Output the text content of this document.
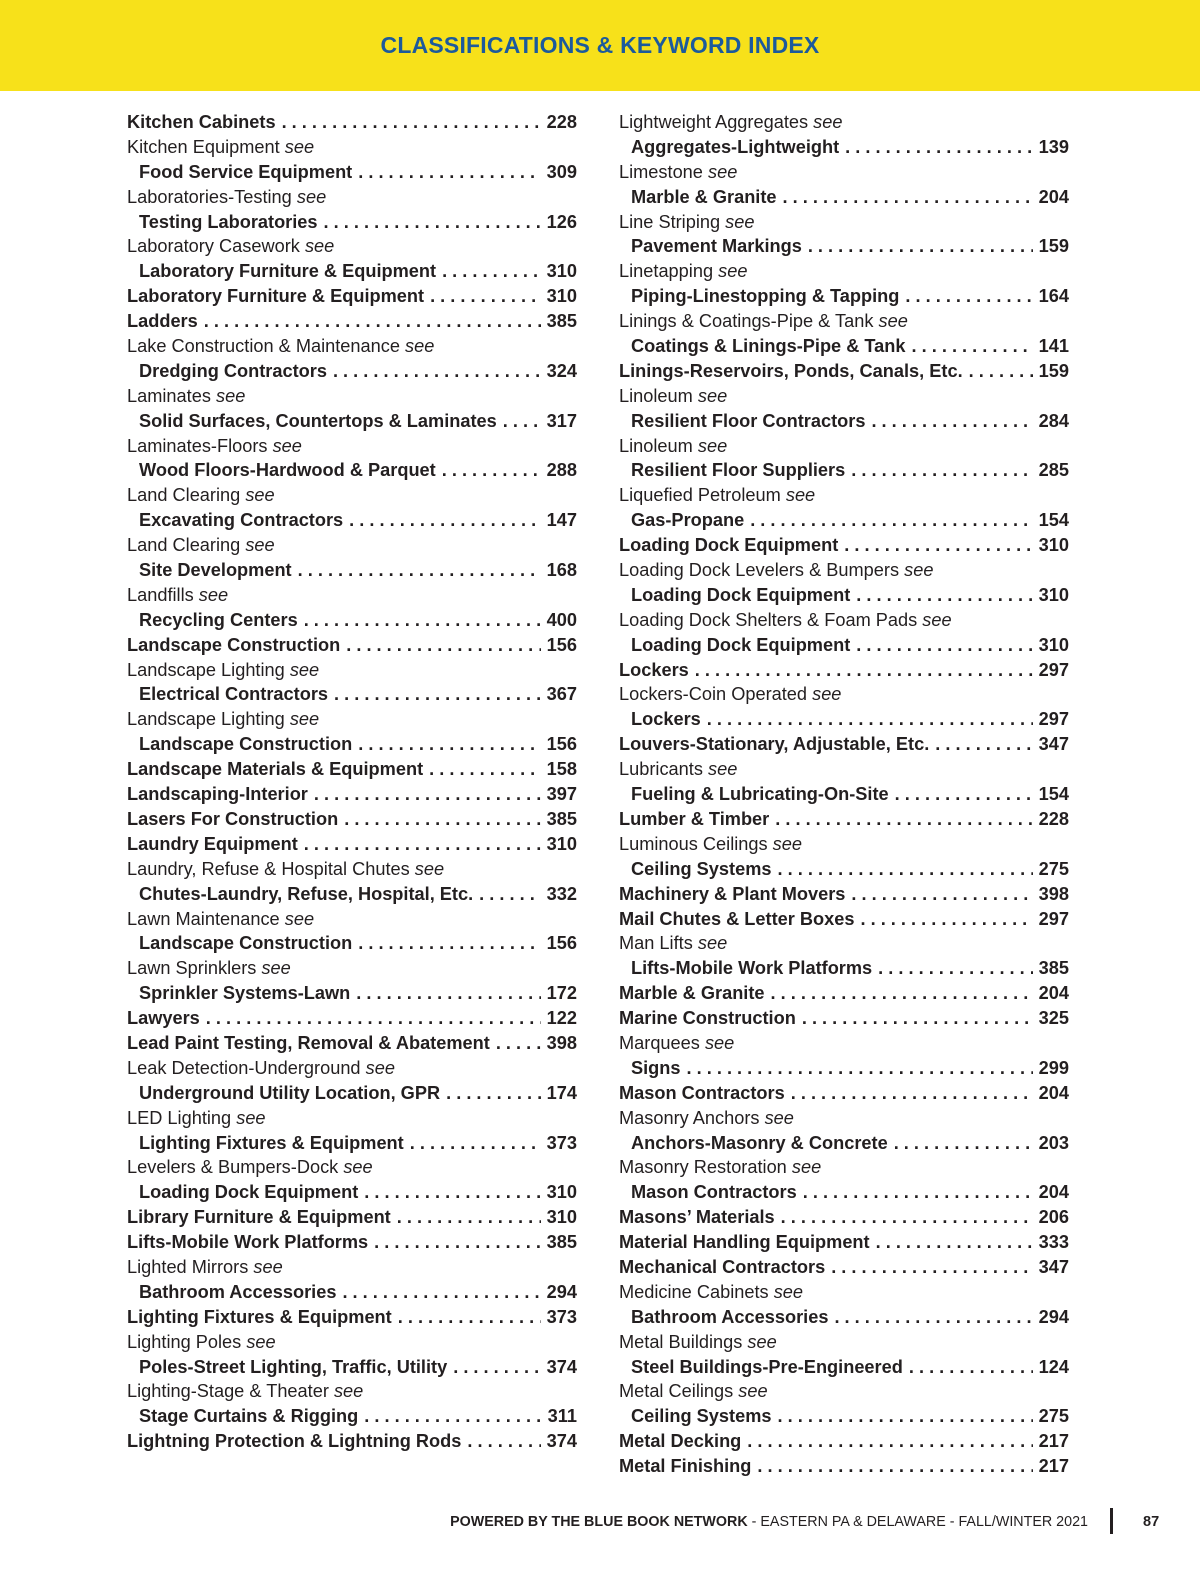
CLASSIFICATIONS & KEYWORD INDEX
Kitchen Cabinets . . .	228
Kitchen Equipment
see
Food Service Equipment . . .	309
Laboratories-Testing
see
Testing Laboratories . . .	126
Laboratory Casework
see
Laboratory Furniture & Equipment . . .	310
Laboratory Furniture & Equipment . . .	310
Ladders . . .	385
Lake Construction & Maintenance
see
Dredging Contractors . . .	324
Laminates
see
Solid Surfaces, Countertops & Laminates . . .	317
Laminates-Floors
see
Wood Floors-Hardwood & Parquet . . .	288
Land Clearing
see
Excavating Contractors . . .	147
Land Clearing
see
Site Development . . .	168
Landfills
see
Recycling Centers . . .	400
Landscape Construction . . .	156
Landscape Lighting
see
Electrical Contractors . . .	367
Landscape Lighting
see
Landscape Construction . . .	156
Landscape Materials & Equipment . . .	158
Landscaping-Interior . . .	397
Lasers For Construction . . .	385
Laundry Equipment . . .	310
Laundry, Refuse & Hospital Chutes
see
Chutes-Laundry, Refuse, Hospital, Etc. . . .	332
Lawn Maintenance
see
Landscape Construction . . .	156
Lawn Sprinklers
see
Sprinkler Systems-Lawn . . .	172
Lawyers . . .	122
Lead Paint Testing, Removal & Abatement . . .	398
Leak Detection-Underground
see
Underground Utility Location, GPR . . .	174
LED Lighting
see
Lighting Fixtures & Equipment . . .	373
Levelers & Bumpers-Dock
see
Loading Dock Equipment . . .	310
Library Furniture & Equipment . . .	310
Lifts-Mobile Work Platforms . . .	385
Lighted Mirrors
see
Bathroom Accessories . . .	294
Lighting Fixtures & Equipment . . .	373
Lighting Poles
see
Poles-Street Lighting, Traffic, Utility . . .	374
Lighting-Stage & Theater
see
Stage Curtains & Rigging . . .	311
Lightning Protection & Lightning Rods . . .	374
Lightweight Aggregates
see
Aggregates-Lightweight . . .	139
Limestone
see
Marble & Granite . . .	204
Line Striping
see
Pavement Markings . . .	159
Linetapping
see
Piping-Linestopping & Tapping . . .	164
Linings & Coatings-Pipe & Tank
see
Coatings & Linings-Pipe & Tank . . .	141
Linings-Reservoirs, Ponds, Canals, Etc. . . .	159
Linoleum
see
Resilient Floor Contractors . . .	284
Linoleum
see
Resilient Floor Suppliers . . .	285
Liquefied Petroleum
see
Gas-Propane . . .	154
Loading Dock Equipment . . .	310
Loading Dock Levelers & Bumpers
see
Loading Dock Equipment . . .	310
Loading Dock Shelters & Foam Pads
see
Loading Dock Equipment . . .	310
Lockers . . .	297
Lockers-Coin Operated
see
Lockers . . .	297
Louvers-Stationary, Adjustable, Etc. . . .	347
Lubricants
see
Fueling & Lubricating-On-Site . . .	154
Lumber & Timber . . .	228
Luminous Ceilings
see
Ceiling Systems . . .	275
Machinery & Plant Movers . . .	398
Mail Chutes & Letter Boxes . . .	297
Man Lifts
see
Lifts-Mobile Work Platforms . . .	385
Marble & Granite . . .	204
Marine Construction . . .	325
Marquees
see
Signs . . .	299
Mason Contractors . . .	204
Masonry Anchors
see
Anchors-Masonry & Concrete . . .	203
Masonry Restoration
see
Mason Contractors . . .	204
Masons’ Materials . . .	206
Material Handling Equipment . . .	333
Mechanical Contractors . . .	347
Medicine Cabinets
see
Bathroom Accessories . . .	294
Metal Buildings
see
Steel Buildings-Pre-Engineered . . .	124
Metal Ceilings
see
Ceiling Systems . . .	275
Metal Decking . . .	217
Metal Finishing . . .	217
POWERED BY THE BLUE BOOK NETWORK - EASTERN PA & DELAWARE - FALL/WINTER 2021	87
